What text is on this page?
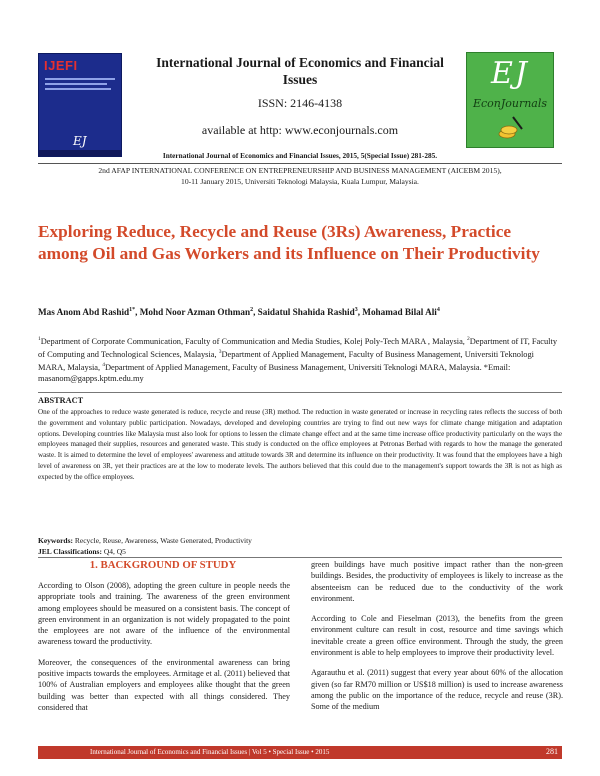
IJEFI
EJ
International Journal of Economics and Financial Issues
ISSN: 2146-4138
available at http: www.econjournals.com
International Journal of Economics and Financial Issues, 2015, 5(Special Issue) 281-285.
EJ
EconJournals
2nd AFAP INTERNATIONAL CONFERENCE ON ENTREPRENEURSHIP AND BUSINESS MANAGEMENT (AICEBM 2015),
10-11 January 2015, Universiti Teknologi Malaysia, Kuala Lumpur, Malaysia.
Exploring Reduce, Recycle and Reuse (3Rs) Awareness, Practice among Oil and Gas Workers and its Influence on Their Productivity
Mas Anom Abd Rashid$^{1*}$, Mohd Noor Azman Othman$^2$, Saidatul Shahida Rashid$^3$, Mohamad Bilal Ali$^4$
$^1$Department of Corporate Communication, Faculty of Communication and Media Studies, Kolej Poly-Tech MARA , Malaysia, $^2$Department of IT, Faculty of Computing and Technological Sciences, Malaysia, $^3$Department of Applied Management, Faculty of Business Management, Universiti Teknologi MARA, Malaysia, $^4$Department of Applied Management, Faculty of Business Management, Universiti Teknologi MARA, Malaysia. *Email: masanom@gapps.kptm.edu.my
ABSTRACT
One of the approaches to reduce waste generated is reduce, recycle and reuse (3R) method. The reduction in waste generated or increase in recycling rates reflects the success of both the government and voluntary public participation. Nowadays, developed and developing countries are trying to find out new ways for climate change mitigation and adaptation options. Developing countries like Malaysia must also look for options to lessen the climate change effect and at the same time increase office productivity particularly on the ways the employees managed their supplies, resources and generated waste. This study is conducted on the office employees at Petronas Berhad with regards to how the manage the generated waste. It is aimed to determine the level of employees' awareness and attitude towards 3R and determine its influence on their productivity. It was found that the employees have a high level of awareness on 3R, yet their practices are at the low to moderate levels. The authors believed that this could due to the management's support towards the 3R is not as high as expected by the office employees.
Keywords: Recycle, Reuse, Awareness, Waste Generated, Productivity
JEL Classifications: Q4, Q5
1. BACKGROUND OF STUDY

According to Olson (2008), adopting the green culture in people needs the appropriate tools and training. The awareness of the green environment among employees should be measured on a consistent basis. The concept of green environment in an organization is not widely propagated to the point the employees are not aware of the influence of the environmental awareness toward the productivity.

Moreover, the consequences of the environmental awareness can bring positive impacts towards the employees. Armitage et al. (2011) believed that 100% of Australian employers and employees alike thought that the green building was better than expected with all things considered. They considered that

green buildings have much positive impact rather than the non-green buildings. Besides, the productivity of employees is likely to increase as the absenteeism can be reduced due to the conductivity of the work environment.

According to Cole and Fieselman (2013), the benefits from the green environment culture can result in cost, resource and time savings which inevitable create a green office environment. Through the study, the green environment is able to help employees to improve their productivity level.

Agarauthu et al. (2011) suggest that every year about 60% of the allocation given (so far RM70 million or US$18 million) is used to increase awareness among the public on the importance of the reduce, recycle and reuse (3R). Some of the medium

International Journal of Economics and Financial Issues | Vol 5 • Special Issue • 2015	281
